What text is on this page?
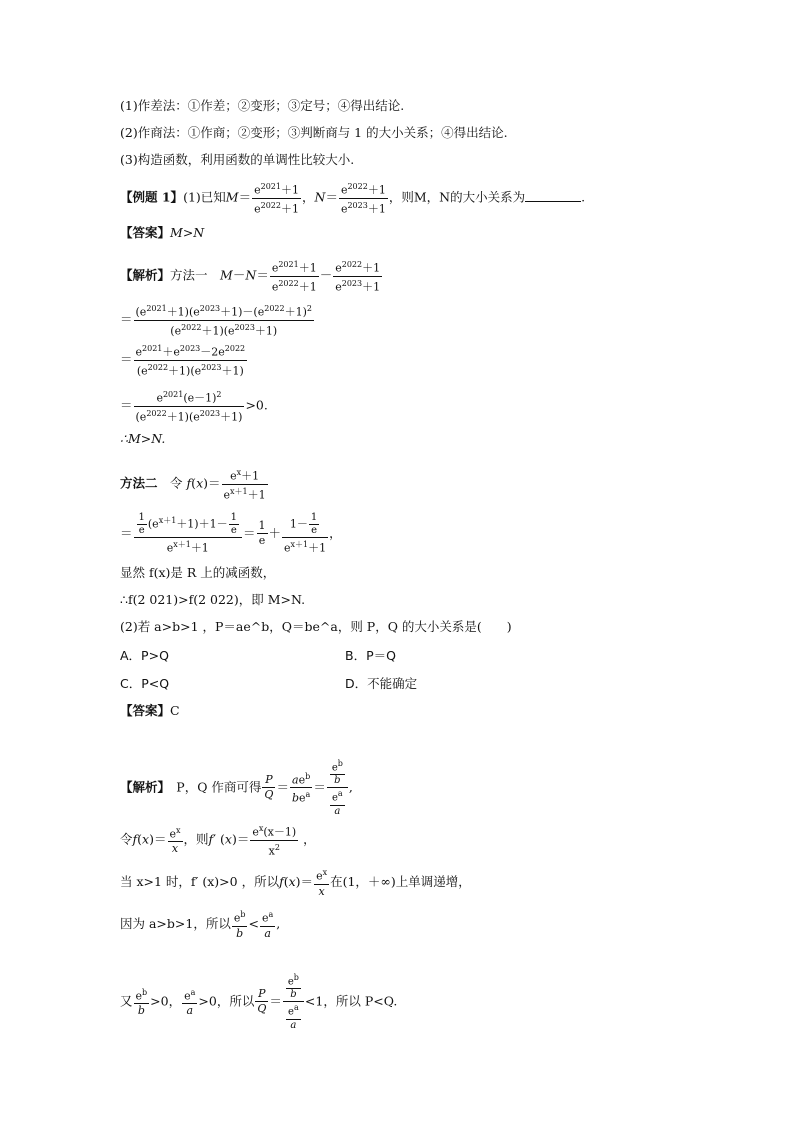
(1)作差法：①作差；②变形；③定号；④得出结论.
(2)作商法：①作商；②变形；③判断商与 1 的大小关系；④得出结论.
(3)构造函数，利用函数的单调性比较大小.
【例题 1】(1)已知$M= \frac{e^{2021}+1}{e^{2022}+1}$ ，$N= \frac{e^{2022}+1}{e^{2023}+1}$ ，则M，N的大小关系为	.
【答案】M>N
【解析】方法一　 $M-N= \frac{e^{2021}+1}{e^{2022}+1} - \frac{e^{2022}+1}{e^{2023}+1}$
＝ $\frac{(e^{2021}+1)(e^{2023}+1)-(e^{2022}+1)^2}{(e^{2022}+1)(e^{2023}+1)}$
＝ $\frac{e^{2021}+e^{2023}-2e^{2022}}{(e^{2022}+1)(e^{2023}+1)}$
＝ $\frac{e^{2021}(e-1)^2}{(e^{2022}+1)(e^{2023}+1)} >0$.
∴M>N.
方法二　 令 $f(x)= \frac{e^x+1}{e^{x+1}+1}$
＝ $\frac{\frac{1}{e} (e^{x+1}+1)+1- \frac{1}{e}}{e^{x+1}+1} = \frac{1}{e} + \frac{1- \frac{1}{e}}{e^{x+1}+1}$ ，
显然 f(x)是 R 上的减函数，
∴f(2 021)>f(2 022)，即 M>N.
(2)若 a>b>1 ，P＝ae^b，Q＝be^a，则 P，Q 的大小关系是(　　)
A．P>Q	B．P＝Q
C．P<Q	D．不能确定
【答案】C
【解析】　 P，Q 作商可得 $\frac{P}{Q} = \frac{ae^b}{be^a} = \frac{\frac{e^b}{b}}{\frac{e^a}{a}}$ ,
令$f(x)= \frac{e^x}{x}$ ，则f′ $(x)= \frac{e^x(x-1)}{x^2}$ ，
当 x>1 时，f′ (x)>0 ，所以$f(x)= \frac{e^x}{x}$ 在(1，＋∞)上单调递增，
因为 a>b>1，所以 $\frac{e^b}{b} < \frac{e^a}{a}$ ,
又 $\frac{e^b}{b} >0$， $\frac{e^a}{a} >0$，所以 $\frac{P}{Q} = \frac{\frac{e^b}{b}}{\frac{e^a}{a}} <1$，所以 P<Q.
